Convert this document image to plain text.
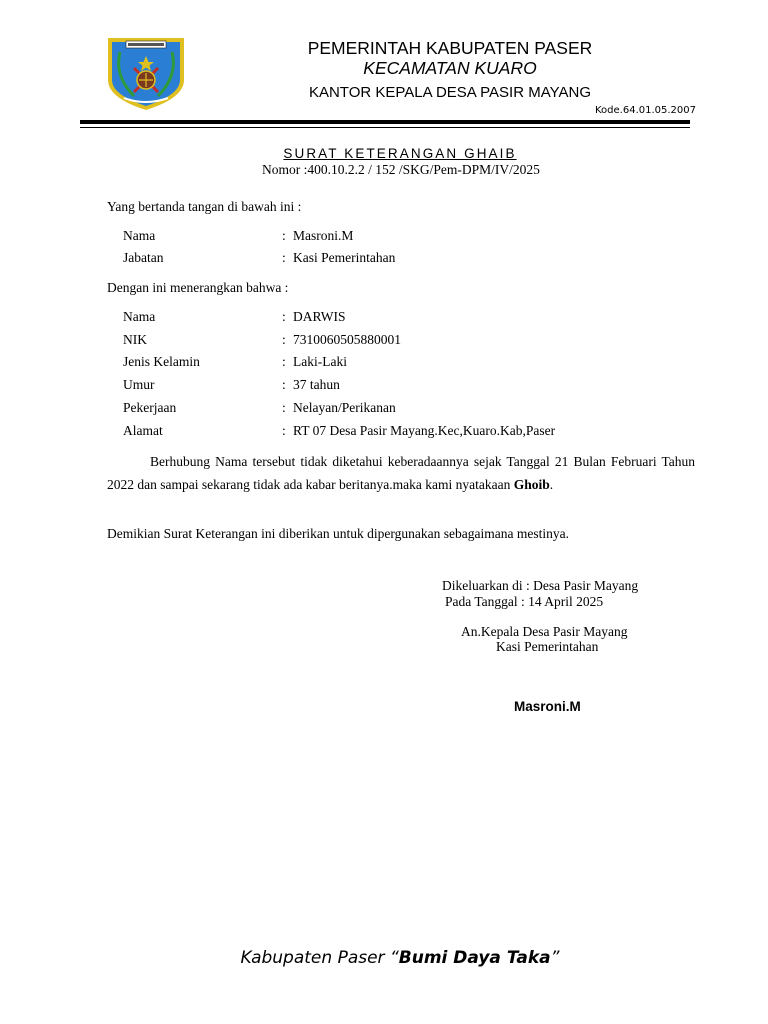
PEMERINTAH KABUPATEN PASER
KECAMATAN KUARO
KANTOR KEPALA DESA PASIR MAYANG
Kode.64.01.05.2007
SURAT KETERANGAN GHAIB
Nomor :400.10.2.2 / 152 /SKG/Pem-DPM/IV/2025
Yang bertanda tangan di bawah ini :
Nama	: Masroni.M
Jabatan	: Kasi Pemerintahan
Dengan ini menerangkan bahwa :
Nama	: DARWIS
NIK	: 7310060505880001
Jenis Kelamin	: Laki-Laki
Umur	: 37 tahun
Pekerjaan	: Nelayan/Perikanan
Alamat	: RT 07 Desa Pasir Mayang.Kec,Kuaro.Kab,Paser
Berhubung Nama tersebut tidak diketahui keberadaannya sejak Tanggal 21 Bulan Februari Tahun 2022 dan sampai sekarang tidak ada kabar beritanya.maka kami nyatakaan Ghoib.
Demikian Surat Keterangan ini diberikan untuk dipergunakan sebagaimana mestinya.
Dikeluarkan di : Desa Pasir Mayang
Pada Tanggal : 14 April 2025
An.Kepala Desa Pasir Mayang
Kasi Pemerintahan
Masroni.M
Kabupaten Paser “Bumi Daya Taka”
